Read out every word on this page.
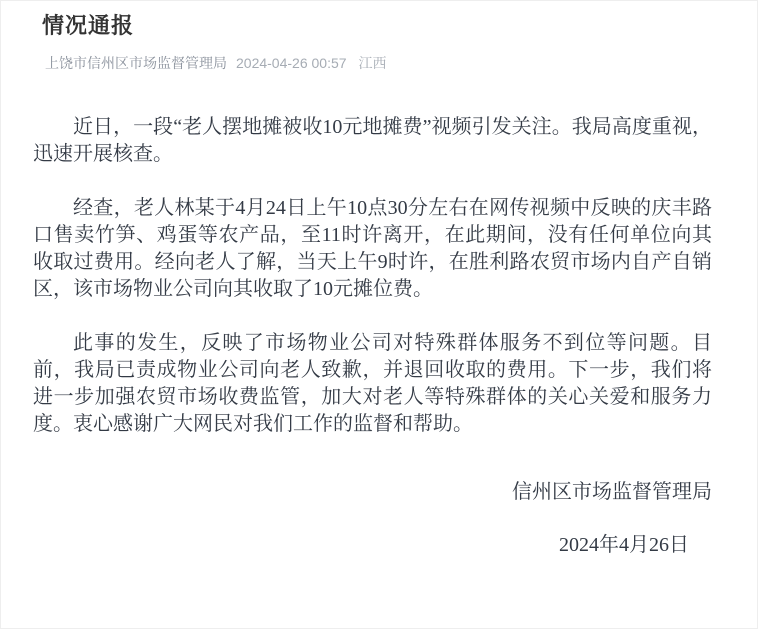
情况通报
上饶市信州区市场监督管理局 2024-04-26 00:57 江西

近日，一段“老人摆地摊被收10元地摊费”视频引发关注。我局高度重视，迅速开展核查。

经查，老人林某于4月24日上午10点30分左右在网传视频中反映的庆丰路口售卖竹笋、鸡蛋等农产品，至11时许离开，在此期间，没有任何单位向其收取过费用。经向老人了解，当天上午9时许，在胜利路农贸市场内自产自销区，该市场物业公司向其收取了10元摊位费。

此事的发生，反映了市场物业公司对特殊群体服务不到位等问题。目前，我局已责成物业公司向老人致歉，并退回收取的费用。下一步，我们将进一步加强农贸市场收费监管，加大对老人等特殊群体的关心关爱和服务力度。衷心感谢广大网民对我们工作的监督和帮助。

信州区市场监督管理局
2024年4月26日
